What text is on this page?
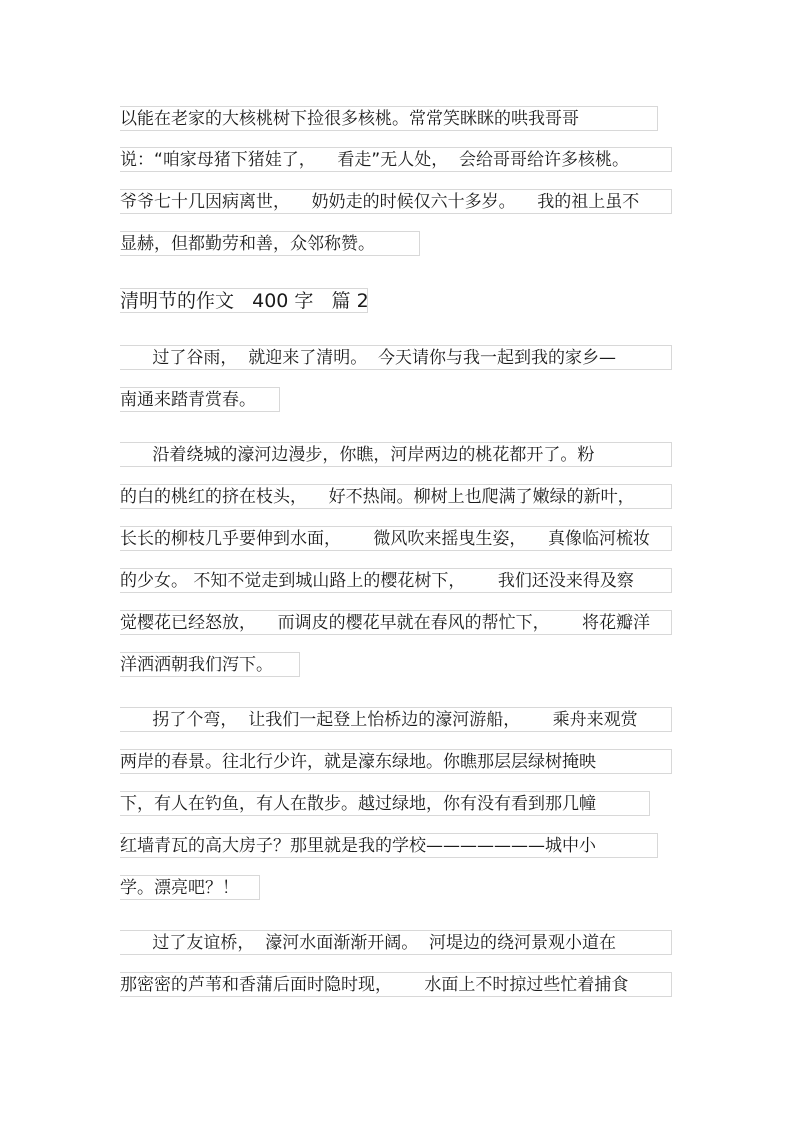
以能在老家的大核桃树下捡很多核桃。常常笑眯眯的哄我哥哥
说：“咱家母猪下猪娃了，    看走”无人处，  会给哥哥给许多核桃。
爷爷七十几因病离世，    奶奶走的时候仅六十多岁。    我的祖上虽不
显赫，但都勤劳和善，众邻称赞。
清明节的作文   400 字   篇 2
过了谷雨，  就迎来了清明。  今天请你与我一起到我的家乡—
南通来踏青赏春。
沿着绕城的濠河边漫步，你瞧，河岸两边的桃花都开了。粉
的白的桃红的挤在枝头，    好不热闹。柳树上也爬满了嫩绿的新叶，
长长的柳枝几乎要伸到水面，      微风吹来摇曳生姿，    真像临河梳妆
的少女。 不知不觉走到城山路上的樱花树下，      我们还没来得及察
觉樱花已经怒放，    而调皮的樱花早就在春风的帮忙下，      将花瓣洋
洋洒洒朝我们泻下。
拐了个弯，  让我们一起登上怡桥边的濠河游船，      乘舟来观赏
两岸的春景。往北行少许，就是濠东绿地。你瞧那层层绿树掩映
下，有人在钓鱼，有人在散步。越过绿地，你有没有看到那几幢
红墙青瓦的高大房子？那里就是我的学校———————城中小
学。漂亮吧？！
过了友谊桥，  濠河水面渐渐开阔。  河堤边的绕河景观小道在
那密密的芦苇和香蒲后面时隐时现，      水面上不时掠过些忙着捕食
